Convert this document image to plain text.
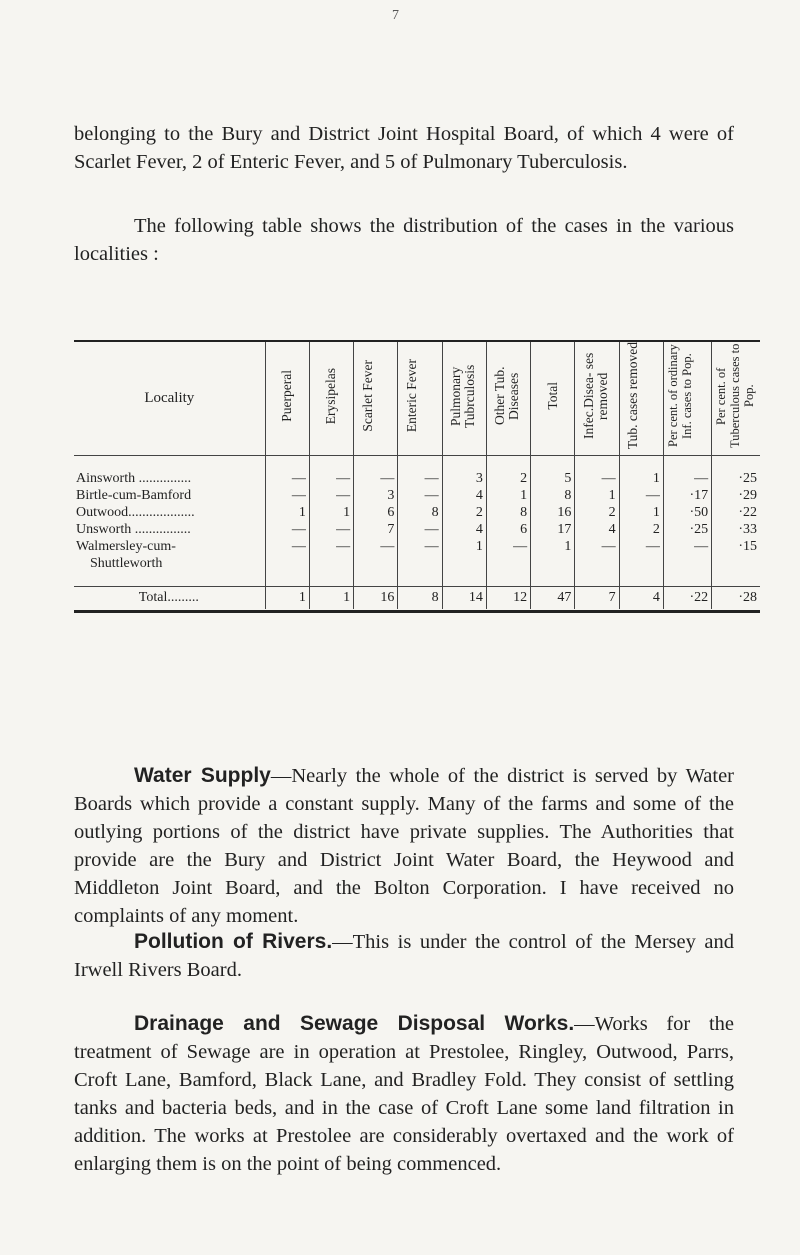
7

belonging to the Bury and District Joint Hospital Board, of which 4 were of Scarlet Fever, 2 of Enteric Fever, and 5 of Pulmonary Tuberculosis.

The following table shows the distribution of the cases in the various localities :

Locality	Puerperal	Erysipelas	Scarlet Fever	Enteric Fever	Pulmonary Tubrculosis	Other Tub. Diseases	Total	Infec.Disea- ses removed	Tub. cases removed	Per cent. of ordinary Inf. cases to Pop.	Per cent. of Tuberculous cases to Pop.

Ainsworth ...............	—	—	—	—	3	2	5	—	1	—	·25
Birtle-cum-Bamford	—	—	3	—	4	1	8	1	—	·17	·29
Outwood...................	1	1	6	8	2	8	16	2	1	·50	·22
Unsworth ................	—	—	7	—	4	6	17	4	2	·25	·33
Walmersley-cum-
Shuttleworth	—	—	—	—	1	—	1	—	—	—	·15

Total.........	1	1	16	8	14	12	47	7	4	·22	·28

Water Supply—Nearly the whole of the district is served by Water Boards which provide a constant supply. Many of the farms and some of the outlying portions of the district have private supplies. The Authorities that provide are the Bury and District Joint Water Board, the Heywood and Middleton Joint Board, and the Bolton Corporation. I have received no complaints of any moment.

Pollution of Rivers.—This is under the control of the Mersey and Irwell Rivers Board.

Drainage and Sewage Disposal Works.—Works for the treatment of Sewage are in operation at Prestolee, Ringley, Outwood, Parrs, Croft Lane, Bamford, Black Lane, and Bradley Fold. They consist of settling tanks and bacteria beds, and in the case of Croft Lane some land filtration in addition. The works at Prestolee are considerably overtaxed and the work of enlarging them is on the point of being commenced.
